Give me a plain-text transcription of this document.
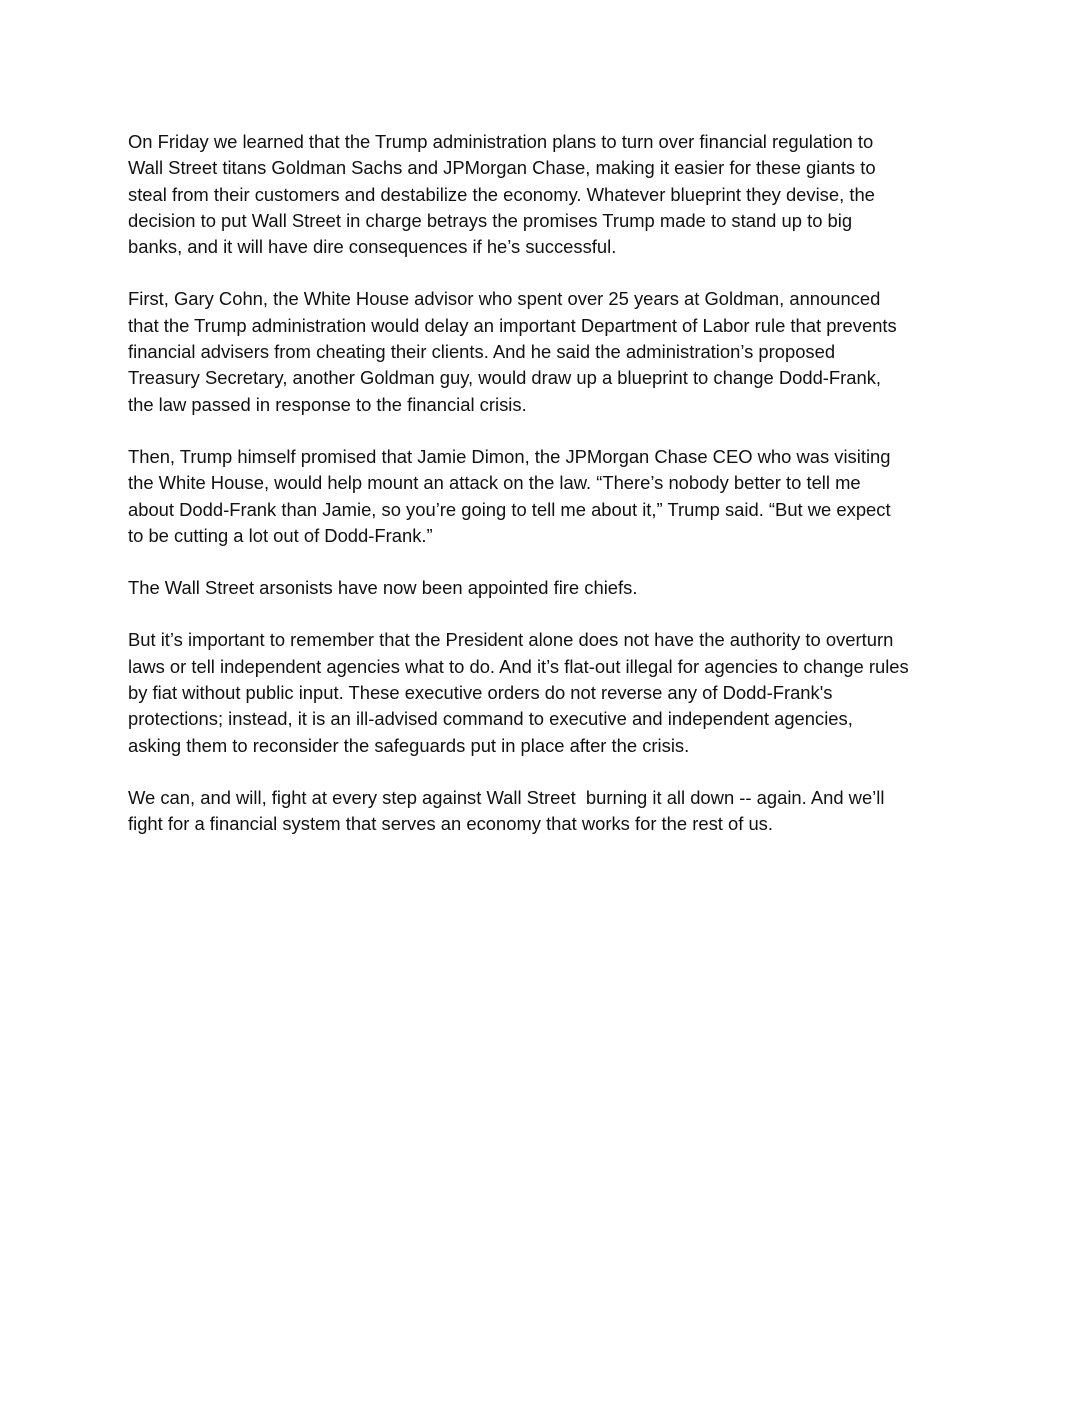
On Friday we learned that the Trump administration plans to turn over financial regulation to
Wall Street titans Goldman Sachs and JPMorgan Chase, making it easier for these giants to
steal from their customers and destabilize the economy. Whatever blueprint they devise, the
decision to put Wall Street in charge betrays the promises Trump made to stand up to big
banks, and it will have dire consequences if he’s successful.

First, Gary Cohn, the White House advisor who spent over 25 years at Goldman, announced
that the Trump administration would delay an important Department of Labor rule that prevents
financial advisers from cheating their clients. And he said the administration’s proposed
Treasury Secretary, another Goldman guy, would draw up a blueprint to change Dodd-Frank,
the law passed in response to the financial crisis.

Then, Trump himself promised that Jamie Dimon, the JPMorgan Chase CEO who was visiting
the White House, would help mount an attack on the law. “There’s nobody better to tell me
about Dodd-Frank than Jamie, so you’re going to tell me about it,” Trump said. “But we expect
to be cutting a lot out of Dodd-Frank.”

The Wall Street arsonists have now been appointed fire chiefs.

But it’s important to remember that the President alone does not have the authority to overturn
laws or tell independent agencies what to do. And it’s flat-out illegal for agencies to change rules
by fiat without public input. These executive orders do not reverse any of Dodd-Frank's
protections; instead, it is an ill-advised command to executive and independent agencies,
asking them to reconsider the safeguards put in place after the crisis.

We can, and will, fight at every step against Wall Street  burning it all down -- again. And we’ll
fight for a financial system that serves an economy that works for the rest of us.
